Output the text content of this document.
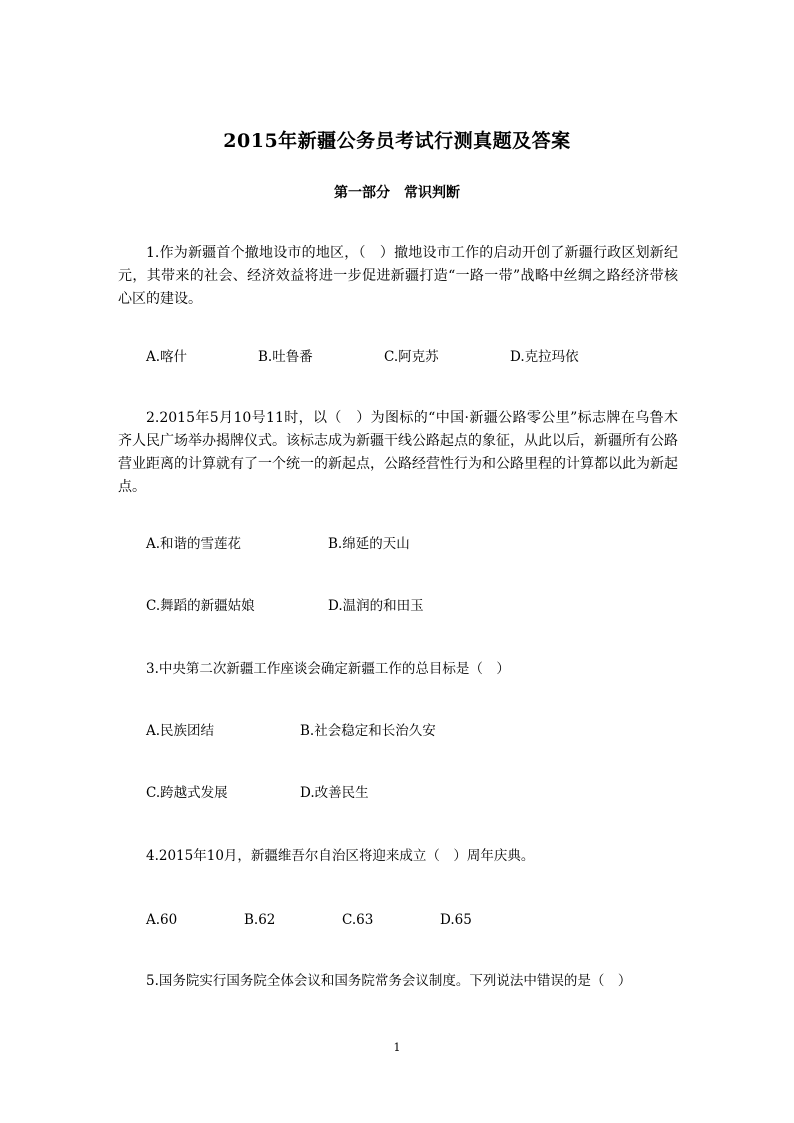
2015年新疆公务员考试行测真题及答案
第一部分 常识判断
1.作为新疆首个撤地设市的地区，（　）撤地设市工作的启动开创了新疆行政区划新纪元，其带来的社会、经济效益将进一步促进新疆打造“一路一带”战略中丝绸之路经济带核心区的建设。
A.喀什	B.吐鲁番	C.阿克苏	D.克拉玛依
2.2015年5月10号11时，以（　）为图标的“中国·新疆公路零公里”标志牌在乌鲁木齐人民广场举办揭牌仪式。该标志成为新疆干线公路起点的象征，从此以后，新疆所有公路营业距离的计算就有了一个统一的新起点，公路经营性行为和公路里程的计算都以此为新起点。
A.和谐的雪莲花	B.绵延的天山
C.舞蹈的新疆姑娘	D.温润的和田玉
3.中央第二次新疆工作座谈会确定新疆工作的总目标是（　）
A.民族团结	B.社会稳定和长治久安
C.跨越式发展	D.改善民生
4.2015年10月，新疆维吾尔自治区将迎来成立（　）周年庆典。
A.60	B.62	C.63	D.65
5.国务院实行国务院全体会议和国务院常务会议制度。下列说法中错误的是（　）
1
